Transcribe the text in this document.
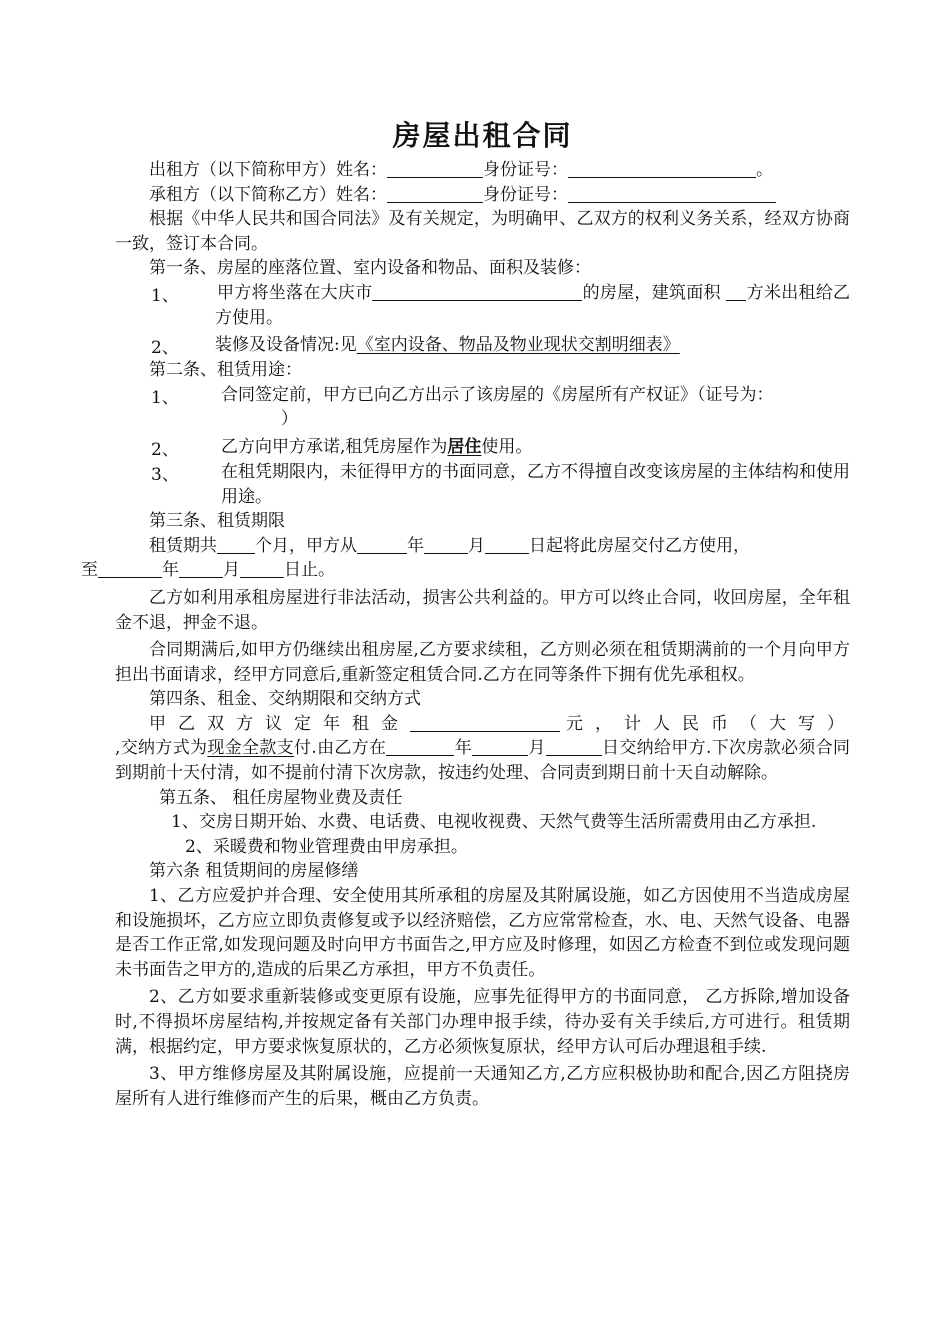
房屋出租合同

出租方（以下简称甲方）姓名：	身份证号：	。

承租方（以下简称乙方）姓名：	身份证号：

根据《中华人民共和国合同法》及有关规定，为明确甲、乙双方的权利义务关系，经双方协商一致，签订本合同。

第一条、房屋的座落位置、室内设备和物品、面积及装修：

1、	甲方将坐落在大庆市	的房屋，建筑面积 方米出租给乙方使用。

2、	装修及设备情况:见《室内设备、物品及物业现状交割明细表》

第二条、租赁用途：

1、	合同签定前，甲方已向乙方出示了该房屋的《房屋所有产权证》（证号为：
）

2、	乙方向甲方承诺,租凭房屋作为居住使用。

3、	在租凭期限内，未征得甲方的书面同意，乙方不得擅自改变该房屋的主体结构和使用用途。

第三条、租赁期限

租赁期共 个月，甲方从	年	月	日起将此房屋交付乙方使用，
至	年	月	日止。

乙方如利用承租房屋进行非法活动，损害公共利益的。甲方可以终止合同，收回房屋，全年租金不退，押金不退。

合同期满后,如甲方仍继续出租房屋,乙方要求续租，乙方则必须在租赁期满前的一个月向甲方担出书面请求，经甲方同意后,重新签定租赁合同.乙方在同等条件下拥有优先承租权。

第四条、租金、交纳期限和交纳方式

甲乙双方议定年租金	元，计人民币（大写）

,交纳方式为现金全款支付.由乙方在	年	月	日交纳给甲方.下次房款必须合同到期前十天付清，如不提前付清下次房款，按违约处理、合同责到期日前十天自动解除。

第五条、 租任房屋物业费及责任

1、交房日期开始、水费、电话费、电视收视费、天然气费等生活所需费用由乙方承担.

2、采暖费和物业管理费由甲房承担。

第六条 租赁期间的房屋修缮

1、乙方应爱护并合理、安全使用其所承租的房屋及其附属设施，如乙方因使用不当造成房屋和设施损坏，乙方应立即负责修复或予以经济赔偿，乙方应常常检查，水、电、天然气设备、电器是否工作正常,如发现问题及时向甲方书面告之,甲方应及时修理，如因乙方检查不到位或发现问题未书面告之甲方的,造成的后果乙方承担，甲方不负责任。

2、乙方如要求重新装修或变更原有设施，应事先征得甲方的书面同意， 乙方拆除,增加设备时,不得损坏房屋结构,并按规定备有关部门办理申报手续，待办妥有关手续后,方可进行。租赁期满，根据约定，甲方要求恢复原状的，乙方必须恢复原状，经甲方认可后办理退租手续.

3、甲方维修房屋及其附属设施，应提前一天通知乙方,乙方应积极协助和配合,因乙方阻挠房屋所有人进行维修而产生的后果，概由乙方负责。
